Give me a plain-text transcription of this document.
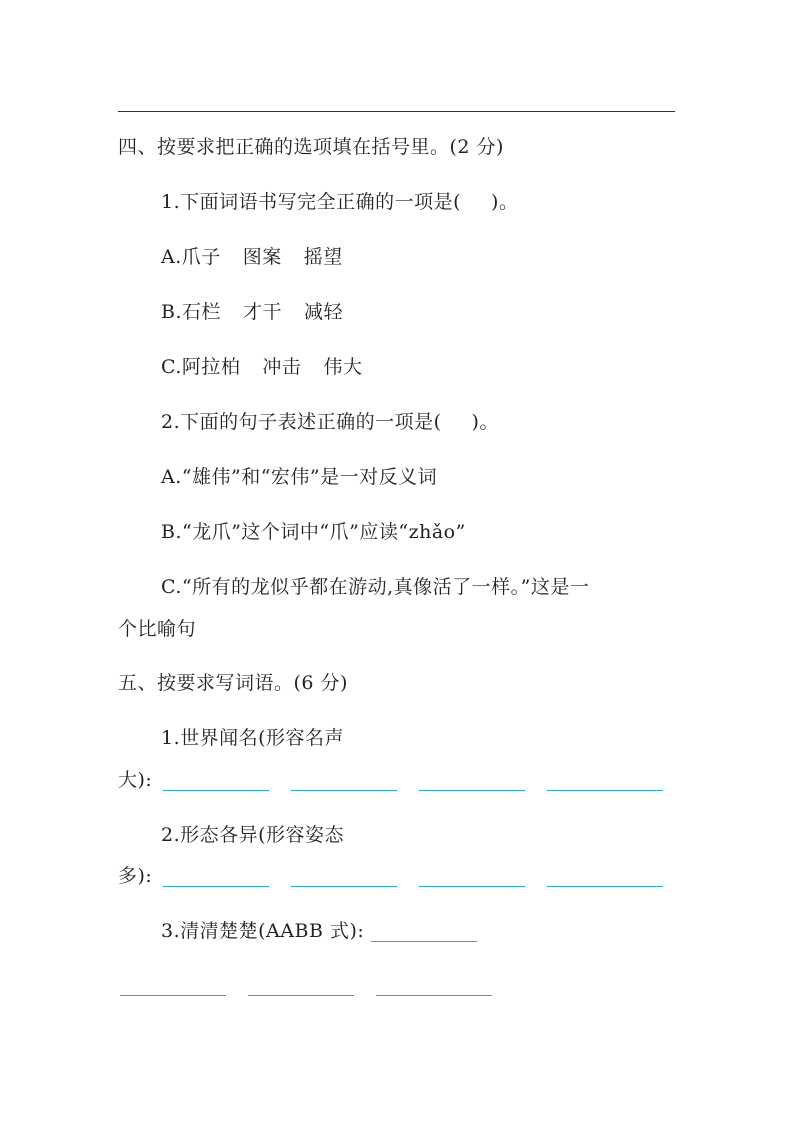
四、按要求把正确的选项填在括号里。(2 分)
1.下面词语书写完全正确的一项是( )。
A.爪子 图案 摇望
B.石栏 才干 减轻
C.阿拉柏 冲击 伟大
2.下面的句子表述正确的一项是( )。
A.“雄伟”和“宏伟”是一对反义词
B.“龙爪”这个词中“爪”应读“zhǎo”
C.“所有的龙似乎都在游动,真像活了一样。”这是一
个比喻句
五、按要求写词语。(6 分)
1.世界闻名(形容名声
大):
2.形态各异(形容姿态
多):
3.清清楚楚(AABB 式):
